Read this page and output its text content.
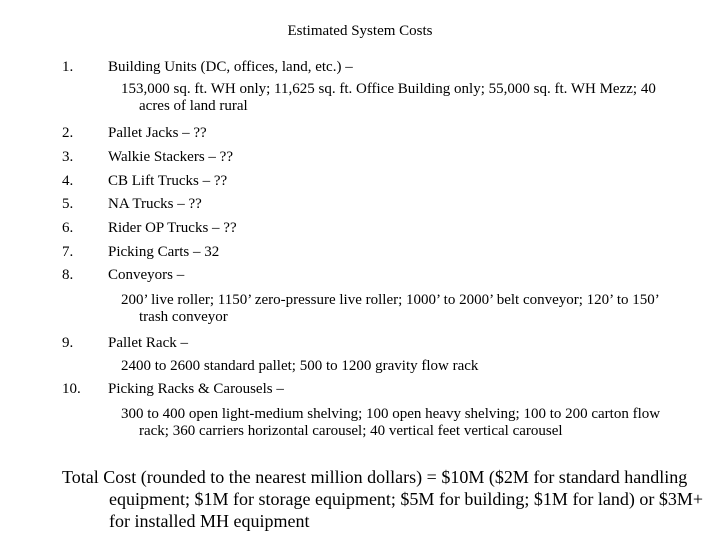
Estimated System Costs
1. Building Units (DC, offices, land, etc.) –
153,000 sq. ft. WH only; 11,625 sq. ft. Office Building only; 55,000 sq. ft. WH Mezz; 40 acres of land rural
2. Pallet Jacks – ??
3. Walkie Stackers – ??
4. CB Lift Trucks – ??
5. NA Trucks – ??
6. Rider OP Trucks – ??
7. Picking Carts – 32
8. Conveyors –
200’ live roller; 1150’ zero-pressure live roller; 1000’ to 2000’ belt conveyor; 120’ to 150’ trash conveyor
9. Pallet Rack –
2400 to 2600 standard pallet; 500 to 1200 gravity flow rack
10. Picking Racks & Carousels –
300 to 400 open light-medium shelving; 100 open heavy shelving; 100 to 200 carton flow rack; 360 carriers horizontal carousel; 40 vertical feet vertical carousel
Total Cost (rounded to the nearest million dollars) = $10M ($2M for standard handling equipment; $1M for storage equipment; $5M for building; $1M for land) or $3M+ for installed MH equipment
